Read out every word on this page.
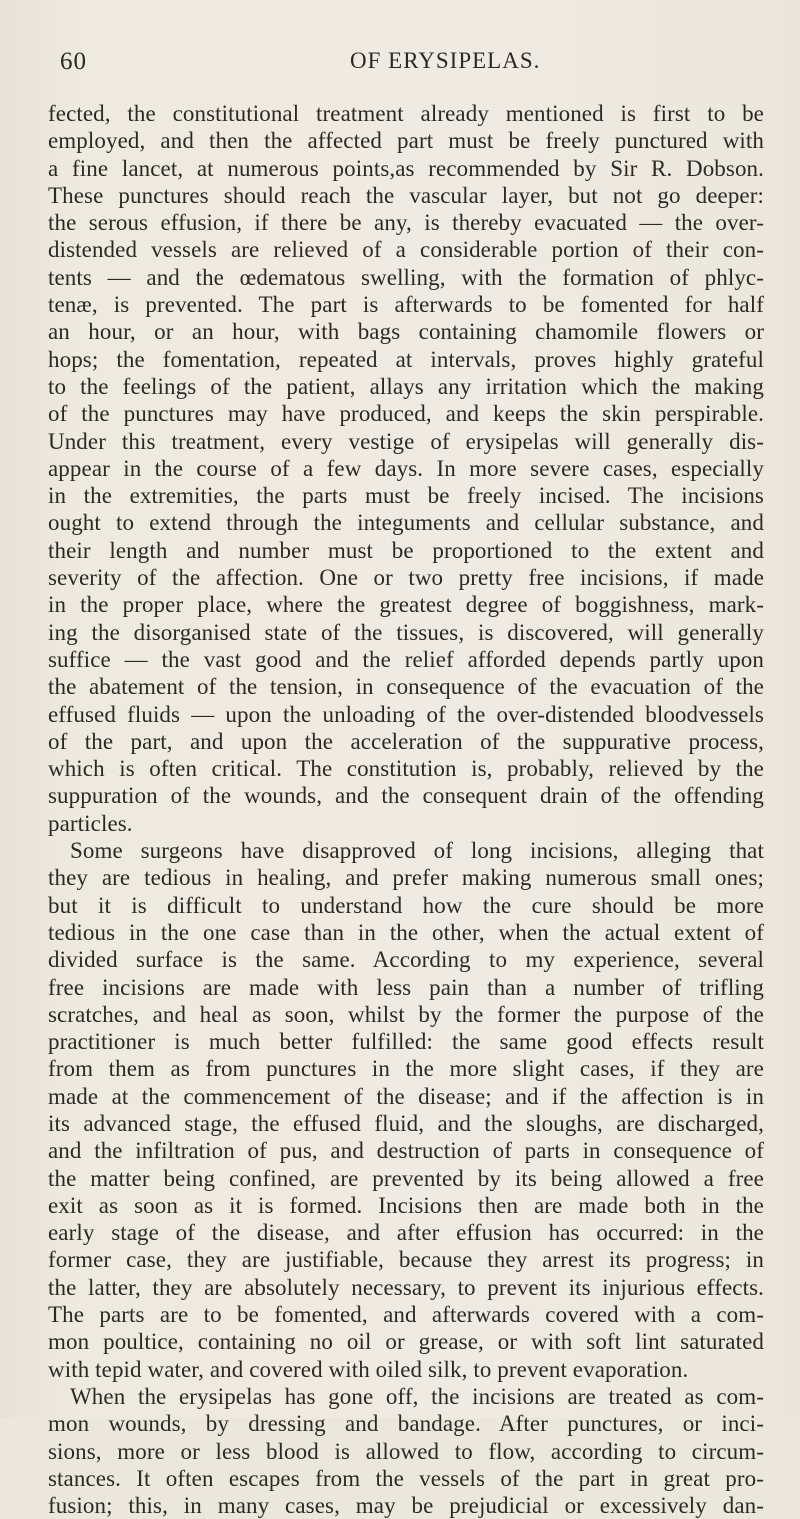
60	OF ERYSIPELAS.
fected, the constitutional treatment already mentioned is first to be
employed, and then the affected part must be freely punctured with
a fine lancet, at numerous points,as recommended by Sir R. Dobson.
These punctures should reach the vascular layer, but not go deeper:
the serous effusion, if there be any, is thereby evacuated — the over-
distended vessels are relieved of a considerable portion of their con-
tents — and the œdematous swelling, with the formation of phlyc-
tenæ, is prevented. The part is afterwards to be fomented for half
an hour, or an hour, with bags containing chamomile flowers or
hops; the fomentation, repeated at intervals, proves highly grateful
to the feelings of the patient, allays any irritation which the making
of the punctures may have produced, and keeps the skin perspirable.
Under this treatment, every vestige of erysipelas will generally dis-
appear in the course of a few days. In more severe cases, especially
in the extremities, the parts must be freely incised. The incisions
ought to extend through the integuments and cellular substance, and
their length and number must be proportioned to the extent and
severity of the affection. One or two pretty free incisions, if made
in the proper place, where the greatest degree of boggishness, mark-
ing the disorganised state of the tissues, is discovered, will generally
suffice — the vast good and the relief afforded depends partly upon
the abatement of the tension, in consequence of the evacuation of the
effused fluids — upon the unloading of the over-distended bloodvessels
of the part, and upon the acceleration of the suppurative process,
which is often critical. The constitution is, probably, relieved by the
suppuration of the wounds, and the consequent drain of the offending
particles.
Some surgeons have disapproved of long incisions, alleging that
they are tedious in healing, and prefer making numerous small ones;
but it is difficult to understand how the cure should be more
tedious in the one case than in the other, when the actual extent of
divided surface is the same. According to my experience, several
free incisions are made with less pain than a number of trifling
scratches, and heal as soon, whilst by the former the purpose of the
practitioner is much better fulfilled: the same good effects result
from them as from punctures in the more slight cases, if they are
made at the commencement of the disease; and if the affection is in
its advanced stage, the effused fluid, and the sloughs, are discharged,
and the infiltration of pus, and destruction of parts in consequence of
the matter being confined, are prevented by its being allowed a free
exit as soon as it is formed. Incisions then are made both in the
early stage of the disease, and after effusion has occurred: in the
former case, they are justifiable, because they arrest its progress; in
the latter, they are absolutely necessary, to prevent its injurious effects.
The parts are to be fomented, and afterwards covered with a com-
mon poultice, containing no oil or grease, or with soft lint saturated
with tepid water, and covered with oiled silk, to prevent evaporation.
When the erysipelas has gone off, the incisions are treated as com-
mon wounds, by dressing and bandage. After punctures, or inci-
sions, more or less blood is allowed to flow, according to circum-
stances. It often escapes from the vessels of the part in great pro-
fusion; this, in many cases, may be prejudicial or excessively dan-
